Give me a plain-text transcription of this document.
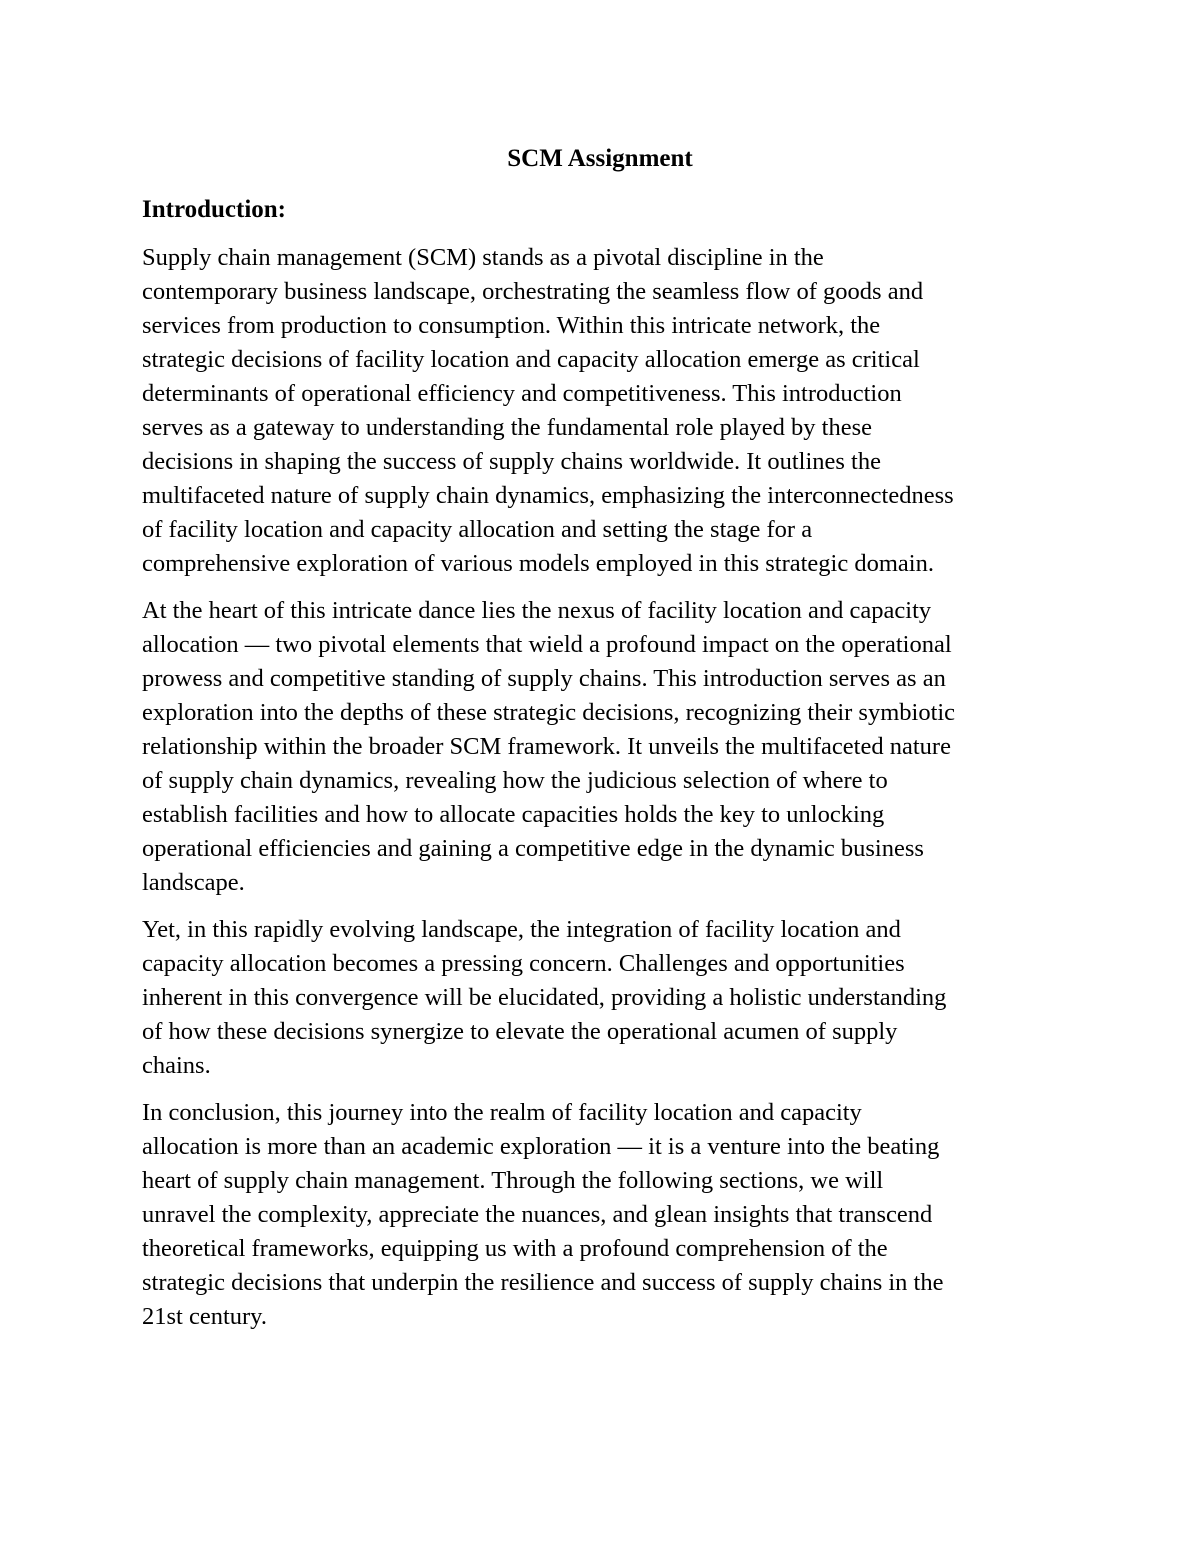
SCM Assignment
Introduction:

Supply chain management (SCM) stands as a pivotal discipline in the
contemporary business landscape, orchestrating the seamless flow of goods and
services from production to consumption. Within this intricate network, the
strategic decisions of facility location and capacity allocation emerge as critical
determinants of operational efficiency and competitiveness. This introduction
serves as a gateway to understanding the fundamental role played by these
decisions in shaping the success of supply chains worldwide. It outlines the
multifaceted nature of supply chain dynamics, emphasizing the interconnectedness
of facility location and capacity allocation and setting the stage for a
comprehensive exploration of various models employed in this strategic domain.

At the heart of this intricate dance lies the nexus of facility location and capacity
allocation — two pivotal elements that wield a profound impact on the operational
prowess and competitive standing of supply chains. This introduction serves as an
exploration into the depths of these strategic decisions, recognizing their symbiotic
relationship within the broader SCM framework. It unveils the multifaceted nature
of supply chain dynamics, revealing how the judicious selection of where to
establish facilities and how to allocate capacities holds the key to unlocking
operational efficiencies and gaining a competitive edge in the dynamic business
landscape.

Yet, in this rapidly evolving landscape, the integration of facility location and
capacity allocation becomes a pressing concern. Challenges and opportunities
inherent in this convergence will be elucidated, providing a holistic understanding
of how these decisions synergize to elevate the operational acumen of supply
chains.

In conclusion, this journey into the realm of facility location and capacity
allocation is more than an academic exploration — it is a venture into the beating
heart of supply chain management. Through the following sections, we will
unravel the complexity, appreciate the nuances, and glean insights that transcend
theoretical frameworks, equipping us with a profound comprehension of the
strategic decisions that underpin the resilience and success of supply chains in the
21st century.
